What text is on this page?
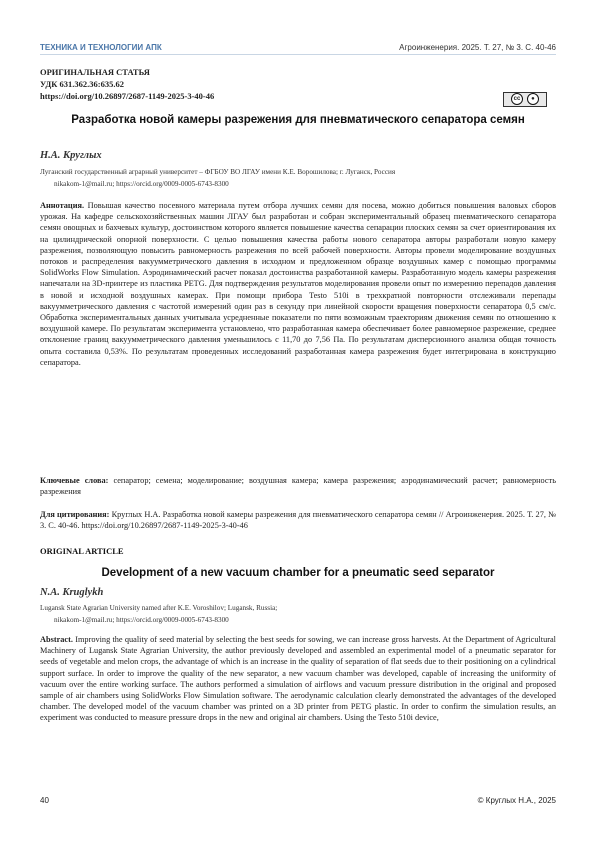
ТЕХНИКА И ТЕХНОЛОГИИ АПК	Агроинженерия. 2025. Т. 27, № 3. С. 40-46
ОРИГИНАЛЬНАЯ СТАТЬЯ
УДК 631.362.36:635.62
https://doi.org/10.26897/2687-1149-2025-3-40-46	cc ●
Разработка новой камеры разрежения для пневматического сепаратора семян
Н.А. Круглых
Луганский государственный аграрный университет – ФГБОУ ВО ЛГАУ имени К.Е. Ворошилова; г. Луганск, Россия
nikakom-1@mail.ru; https://orcid.org/0009-0005-6743-8300
Аннотация. Повышая качество посевного материала путем отбора лучших семян для посева, можно добиться повышения валовых сборов урожая. На кафедре сельскохозяйственных машин ЛГАУ был разработан и собран экспериментальный образец пневматического сепаратора семян овощных и бахчевых культур, достоинством которого является повышение качества сепарации плоских семян за счет ориентирования их на цилиндрической опорной поверхности. С целью повышения качества работы нового сепаратора авторы разработали новую камеру разрежения, позволяющую повысить равномерность разрежения по всей рабочей поверхности. Авторы провели моделирование воздушных потоков и распределения вакуумметрического давления в исходном и предложенном образце воздушных камер с помощью программы SolidWorks Flow Simulation. Аэродинамический расчет показал достоинства разработанной камеры. Разработанную модель камеры разрежения напечатали на 3D-принтере из пластика PETG. Для подтверждения результатов моделирования провели опыт по измерению перепадов давления в новой и исходной воздушных камерах. При помощи прибора Testo 510i в трехкратной повторности отслеживали перепады вакуумметрического давления с частотой измерений один раз в секунду при линейной скорости вращения поверхности сепаратора 0,5 см/с. Обработка экспериментальных данных учитывала усредненные показатели по пяти возможным траекториям движения семян по отношению к воздушной камере. По результатам эксперимента установлено, что разработанная камера обеспечивает более равномерное разрежение, среднее отклонение границ вакуумметрического давления уменьшилось с 11,70 до 7,56 Па. По результатам дисперсионного анализа общая точность опыта составила 0,53%. По результатам проведенных исследований разработанная камера разрежения будет интегрирована в конструкцию сепаратора.
Ключевые слова: сепаратор; семена; моделирование; воздушная камера; камера разрежения; аэродинамический расчет; равномерность разрежения
Для цитирования: Круглых Н.А. Разработка новой камеры разрежения для пневматического сепаратора семян // Агроинженерия. 2025. Т. 27, № 3. С. 40-46. https://doi.org/10.26897/2687-1149-2025-3-40-46
ORIGINAL ARTICLE
Development of a new vacuum chamber for a pneumatic seed separator
N.A. Kruglykh
Lugansk State Agrarian University named after K.E. Voroshilov; Lugansk, Russia;
nikakom-1@mail.ru; https://orcid.org/0009-0005-6743-8300
Abstract. Improving the quality of seed material by selecting the best seeds for sowing, we can increase gross harvests. At the Department of Agricultural Machinery of Lugansk State Agrarian University, the author previously developed and assembled an experimental model of a pneumatic separator for seeds of vegetable and melon crops, the advantage of which is an increase in the quality of separation of flat seeds due to their positioning on a cylindrical support surface. In order to improve the quality of the new separator, a new vacuum chamber was developed, capable of increasing the uniformity of vacuum over the entire working surface. The authors performed a simulation of airflows and vacuum pressure distribution in the original and proposed sample of air chambers using SolidWorks Flow Simulation software. The aerodynamic calculation clearly demonstrated the advantages of the developed chamber. The developed model of the vacuum chamber was printed on a 3D printer from PETG plastic. In order to confirm the simulation results, an experiment was conducted to measure pressure drops in the new and original air chambers. Using the Testo 510i device,
40	© Круглых Н.А., 2025
